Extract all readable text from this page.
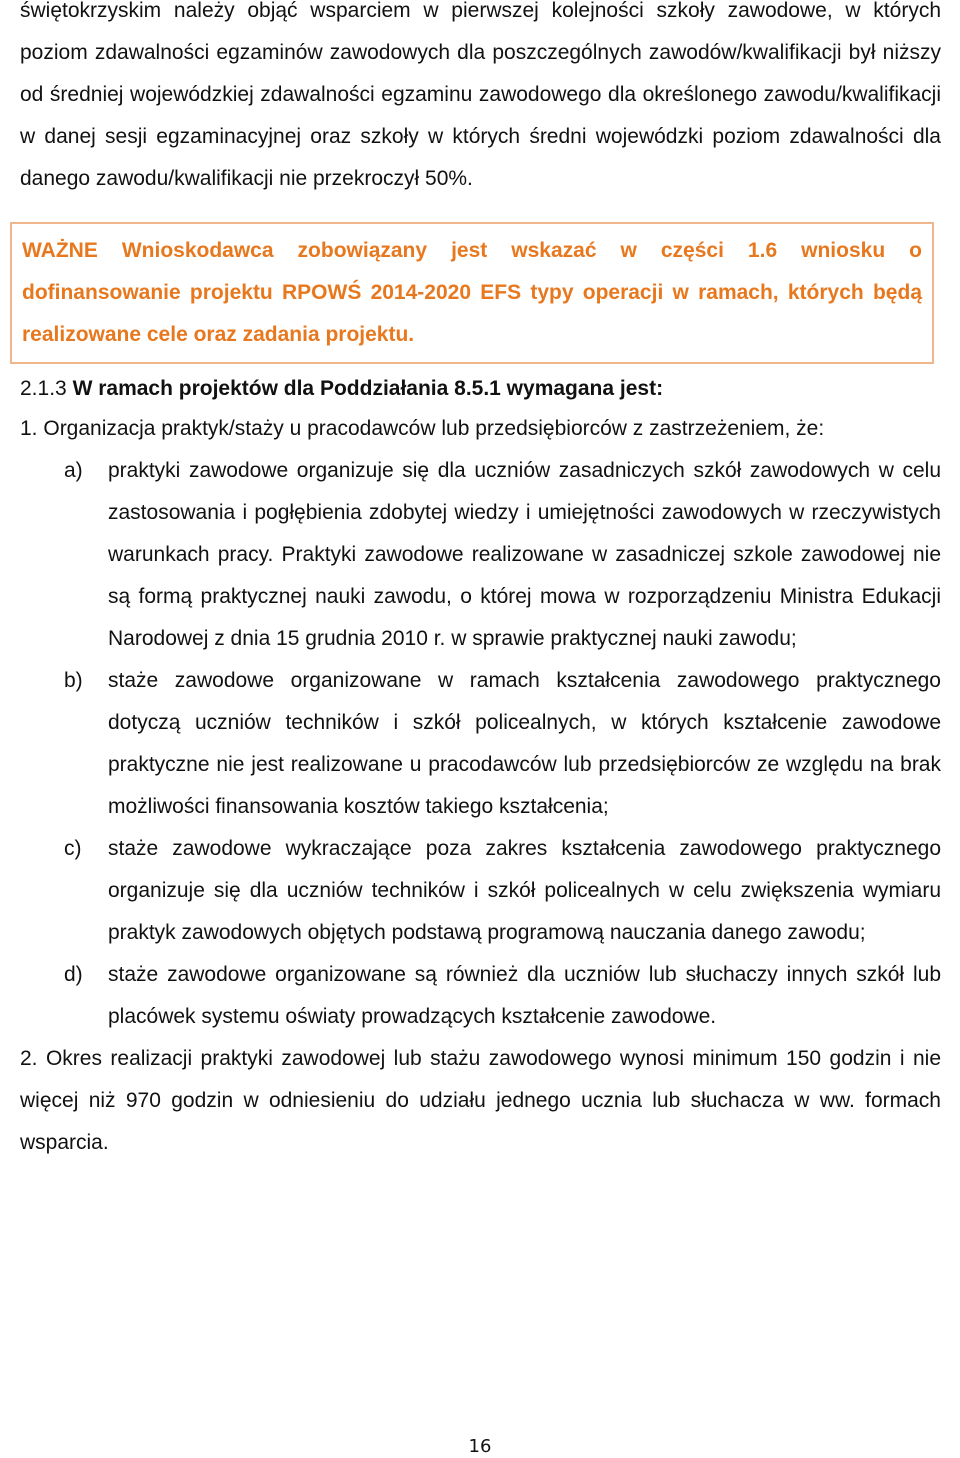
świętokrzyskim należy objąć wsparciem w pierwszej kolejności szkoły zawodowe, w których poziom zdawalności egzaminów zawodowych dla poszczególnych zawodów/kwalifikacji był niższy od średniej wojewódzkiej zdawalności egzaminu zawodowego dla określonego zawodu/kwalifikacji w danej sesji egzaminacyjnej oraz szkoły w których średni wojewódzki poziom zdawalności dla danego zawodu/kwalifikacji nie przekroczył 50%.

WAŻNE Wnioskodawca zobowiązany jest wskazać w części 1.6 wniosku o dofinansowanie projektu RPOWŚ 2014-2020 EFS typy operacji w ramach, których będą realizowane cele oraz zadania projektu.

2.1.3 W ramach projektów dla Poddziałania 8.5.1 wymagana jest:

1. Organizacja praktyk/staży u pracodawców lub przedsiębiorców z zastrzeżeniem, że:

a) praktyki zawodowe organizuje się dla uczniów zasadniczych szkół zawodowych w celu zastosowania i pogłębienia zdobytej wiedzy i umiejętności zawodowych w rzeczywistych warunkach pracy. Praktyki zawodowe realizowane w zasadniczej szkole zawodowej nie są formą praktycznej nauki zawodu, o której mowa w rozporządzeniu Ministra Edukacji Narodowej z dnia 15 grudnia 2010 r. w sprawie praktycznej nauki zawodu;
b) staże zawodowe organizowane w ramach kształcenia zawodowego praktycznego dotyczą uczniów techników i szkół policealnych, w których kształcenie zawodowe praktyczne nie jest realizowane u pracodawców lub przedsiębiorców ze względu na brak możliwości finansowania kosztów takiego kształcenia;
c) staże zawodowe wykraczające poza zakres kształcenia zawodowego praktycznego organizuje się dla uczniów techników i szkół policealnych w celu zwiększenia wymiaru praktyk zawodowych objętych podstawą programową nauczania danego zawodu;
d) staże zawodowe organizowane są również dla uczniów lub słuchaczy innych szkół lub placówek systemu oświaty prowadzących kształcenie zawodowe.

2. Okres realizacji praktyki zawodowej lub stażu zawodowego wynosi minimum 150 godzin i nie więcej niż 970 godzin w odniesieniu do udziału jednego ucznia lub słuchacza w ww. formach wsparcia.

16
